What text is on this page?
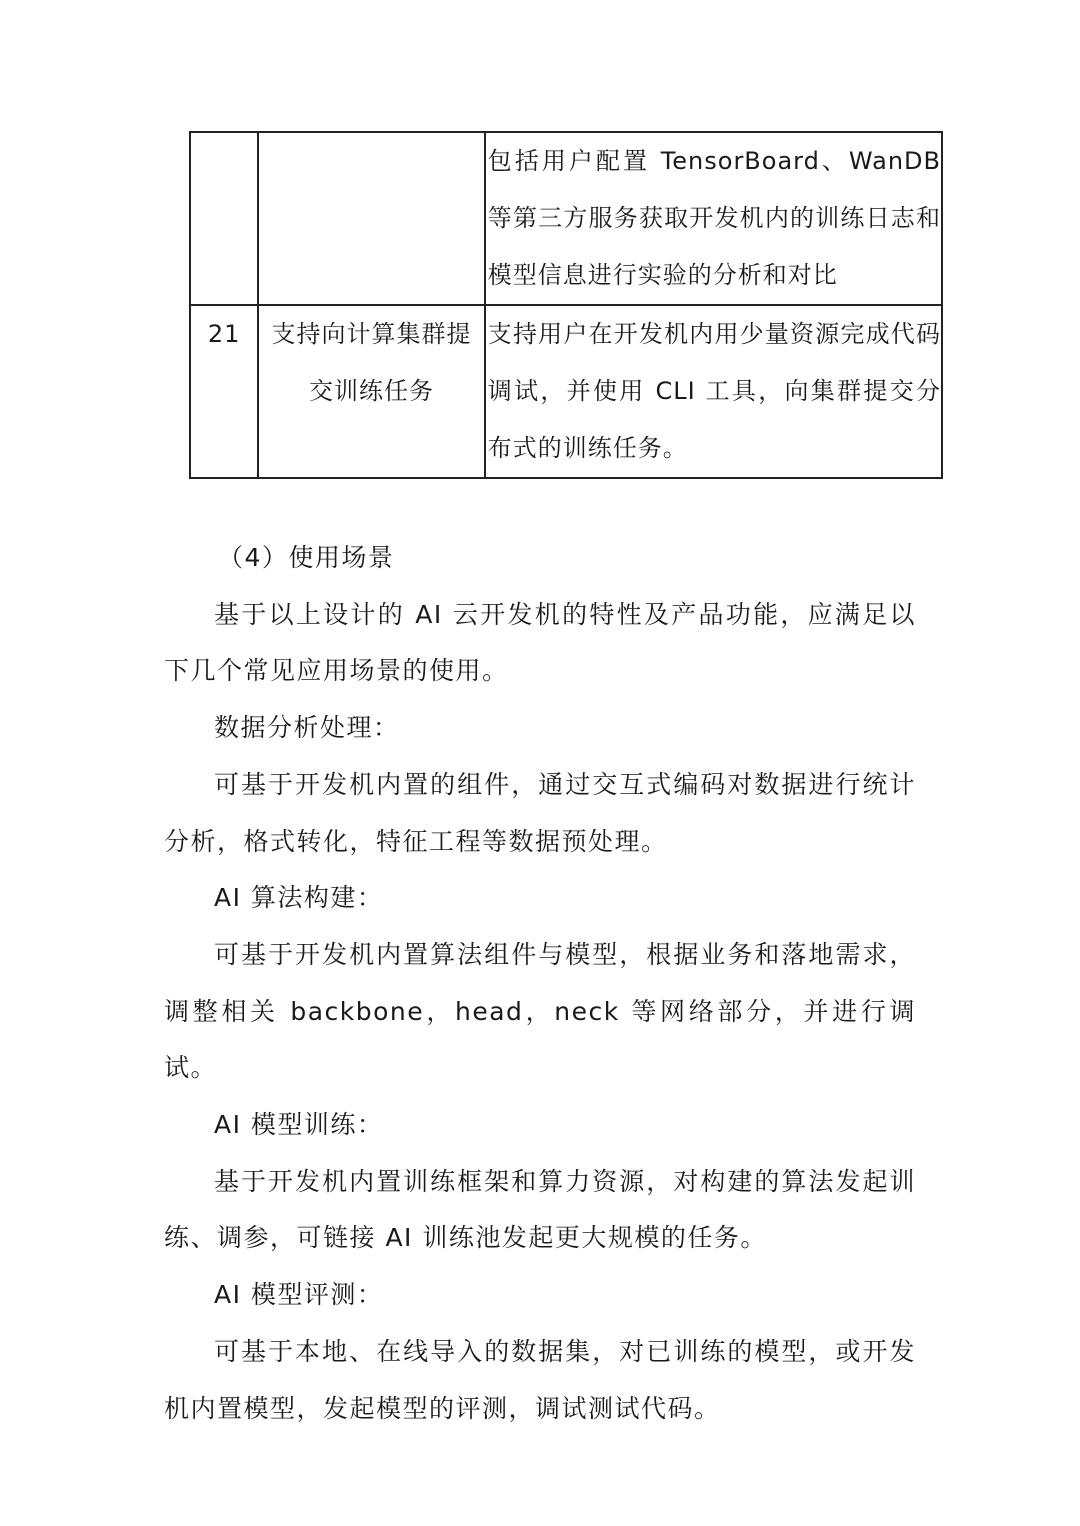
		包括用户配置 TensorBoard、WanDB 等第三方服务获取开发机内的训练日志和模型信息进行实验的分析和对比
21	支持向计算集群提交训练任务	支持用户在开发机内用少量资源完成代码调试，并使用 CLI 工具，向集群提交分布式的训练任务。

（4）使用场景

基于以上设计的 AI 云开发机的特性及产品功能，应满足以下几个常见应用场景的使用。

数据分析处理：

可基于开发机内置的组件，通过交互式编码对数据进行统计分析，格式转化，特征工程等数据预处理。

AI 算法构建：

可基于开发机内置算法组件与模型，根据业务和落地需求，调整相关 backbone，head，neck 等网络部分，并进行调试。

AI 模型训练：

基于开发机内置训练框架和算力资源，对构建的算法发起训练、调参，可链接 AI 训练池发起更大规模的任务。

AI 模型评测：

可基于本地、在线导入的数据集，对已训练的模型，或开发机内置模型，发起模型的评测，调试测试代码。
